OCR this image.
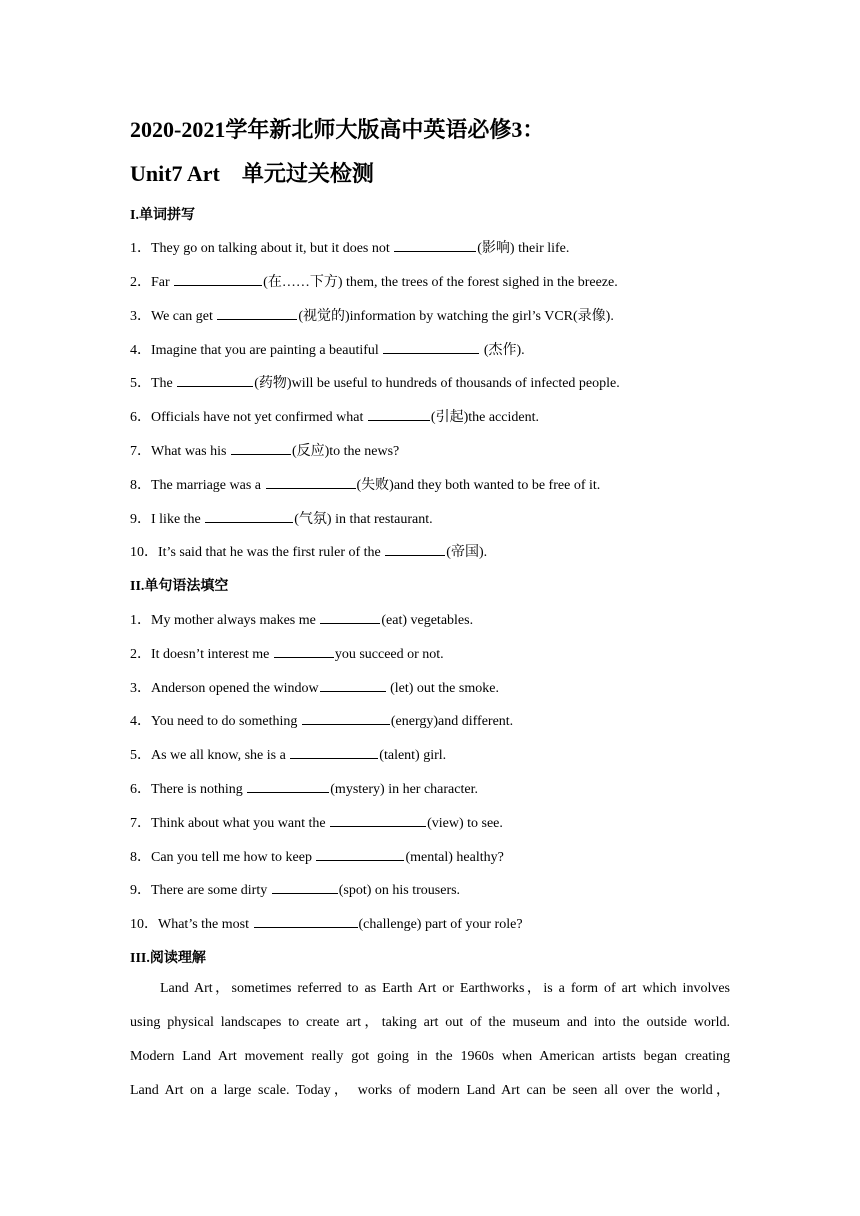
2020-2021学年新北师大版高中英语必修3：
Unit7 Art　单元过关检测
I.单词拼写
1．They go on talking about it, but it does not	(影响) their life.
2．Far	(在……下方) them, the trees of the forest sighed in the breeze.
3．We can get	(视觉的)information by watching the girl’s VCR(录像).
4．Imagine that you are painting a beautiful	(杰作).
5．The	(药物)will be useful to hundreds of thousands of infected people.
6．Officials have not yet confirmed what	(引起)the accident.
7．What was his	(反应)to the news?
8．The marriage was a	(失败)and they both wanted to be free of it.
9．I like the	(气氛) in that restaurant.
10．It’s said that he was the first ruler of the	(帝国).
II.单句语法填空
1．My mother always makes me	(eat) vegetables.
2．It doesn’t interest me	you succeed or not.
3．Anderson opened the window	(let) out the smoke.
4．You need to do something	(energy)and different.
5．As we all know, she is a	(talent) girl.
6．There is nothing	(mystery) in her character.
7．Think about what you want the	(view) to see.
8．Can you tell me how to keep	(mental) healthy?
9．There are some dirty	(spot) on his trousers.
10．What’s the most	(challenge) part of your role?
III.阅读理解
Land Art，sometimes referred to as Earth Art or Earthworks，is a form of art which involves
using physical landscapes to create art，taking art out of the museum and into the outside world.
Modern Land Art movement really got going in the 1960s when American artists began creating
Land Art on a large scale. Today， works of modern Land Art can be seen all over the world，
